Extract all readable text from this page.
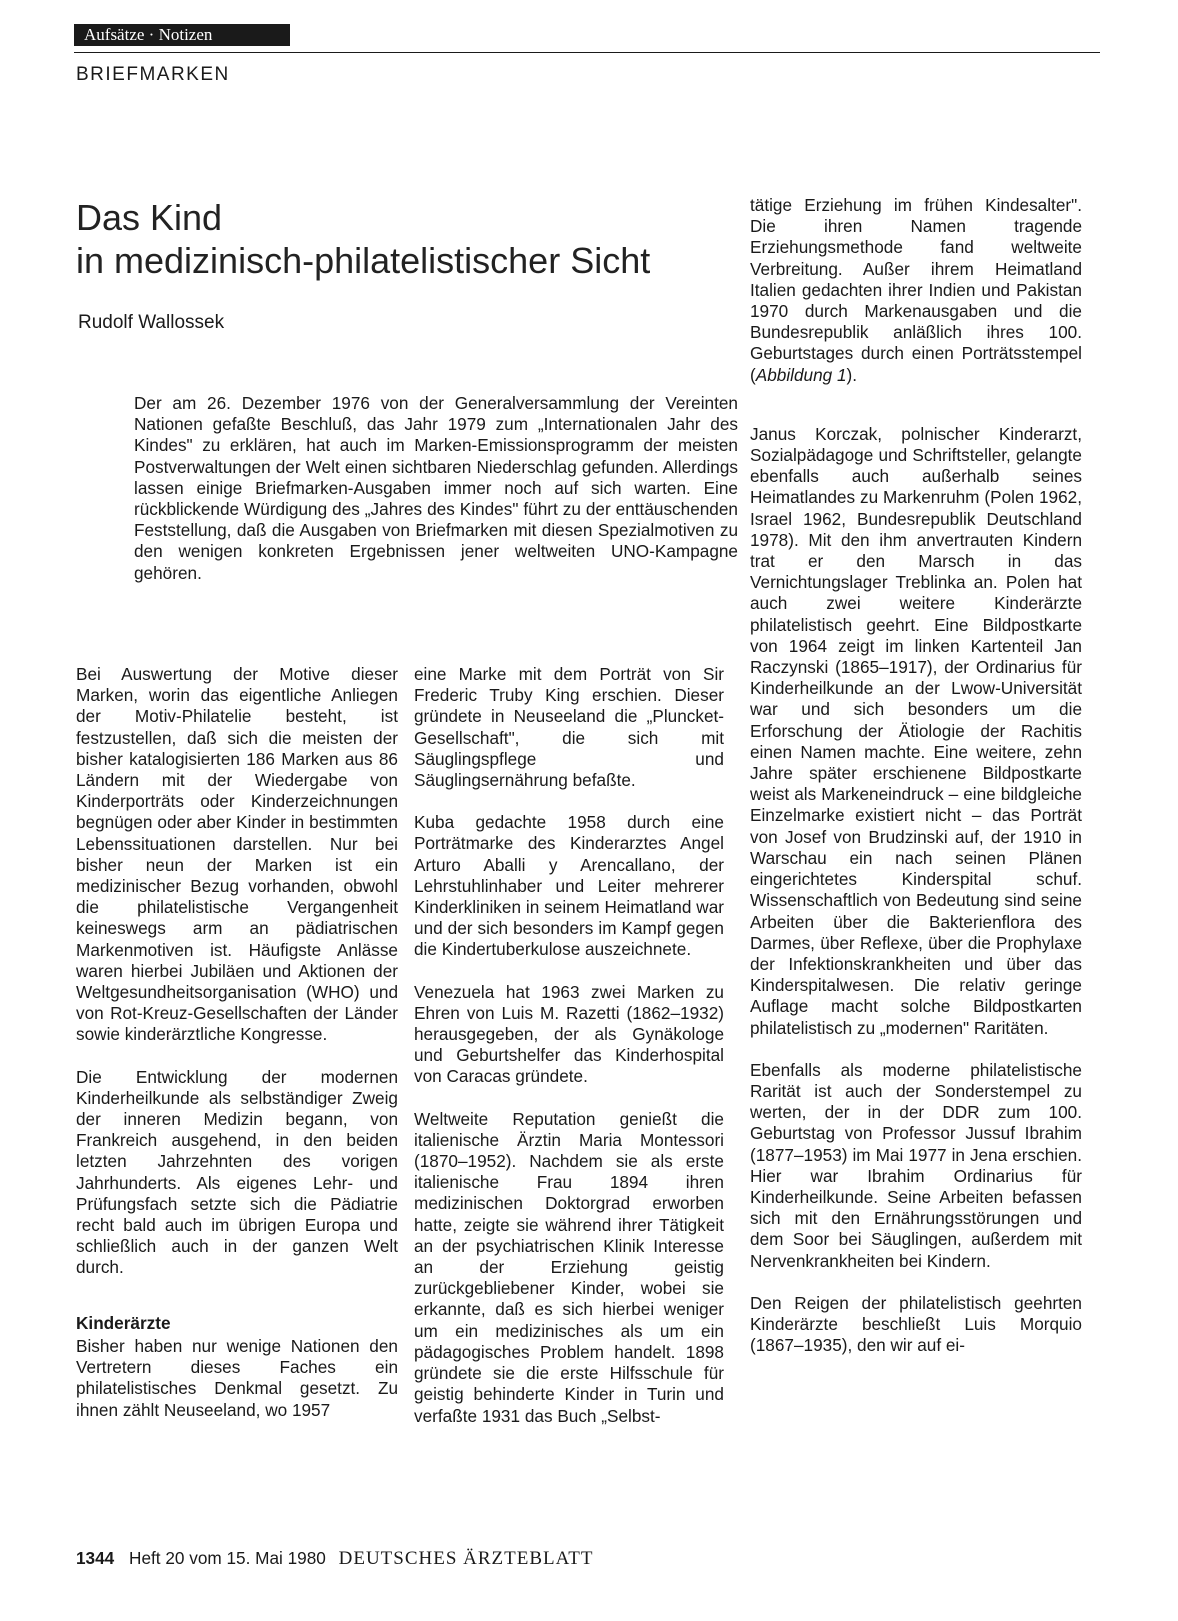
Aufsätze · Notizen
BRIEFMARKEN
Das Kind
in medizinisch-philatelistischer Sicht
Rudolf Wallossek

Der am 26. Dezember 1976 von der Generalversammlung der Vereinten Nationen gefaßte Beschluß, das Jahr 1979 zum „Internationalen Jahr des Kindes" zu erklären, hat auch im Marken-Emissionsprogramm der meisten Postverwaltungen der Welt einen sichtbaren Niederschlag gefunden. Allerdings lassen einige Briefmarken-Ausgaben immer noch auf sich warten. Eine rückblickende Würdigung des „Jahres des Kindes" führt zu der enttäuschenden Feststellung, daß die Ausgaben von Briefmarken mit diesen Spezialmotiven zu den wenigen konkreten Ergebnissen jener weltweiten UNO-Kampagne gehören.

Bei Auswertung der Motive dieser Marken, worin das eigentliche Anliegen der Motiv-Philatelie besteht, ist festzustellen, daß sich die meisten der bisher katalogisierten 186 Marken aus 86 Ländern mit der Wiedergabe von Kinderporträts oder Kinderzeichnungen begnügen oder aber Kinder in bestimmten Lebenssituationen darstellen. Nur bei bisher neun der Marken ist ein medizinischer Bezug vorhanden, obwohl die philatelistische Vergangenheit keineswegs arm an pädiatrischen Markenmotiven ist. Häufigste Anlässe waren hierbei Jubiläen und Aktionen der Weltgesundheitsorganisation (WHO) und von Rot-Kreuz-Gesellschaften der Länder sowie kinderärztliche Kongresse.

Die Entwicklung der modernen Kinderheilkunde als selbständiger Zweig der inneren Medizin begann, von Frankreich ausgehend, in den beiden letzten Jahrzehnten des vorigen Jahrhunderts. Als eigenes Lehr- und Prüfungsfach setzte sich die Pädiatrie recht bald auch im übrigen Europa und schließlich auch in der ganzen Welt durch.

Kinderärzte

Bisher haben nur wenige Nationen den Vertretern dieses Faches ein philatelistisches Denkmal gesetzt. Zu ihnen zählt Neuseeland, wo 1957

eine Marke mit dem Porträt von Sir Frederic Truby King erschien. Dieser gründete in Neuseeland die „Pluncket-Gesellschaft", die sich mit Säuglingspflege und Säuglingsernährung befaßte.

Kuba gedachte 1958 durch eine Porträtmarke des Kinderarztes Angel Arturo Aballi y Arencallano, der Lehrstuhlinhaber und Leiter mehrerer Kinderkliniken in seinem Heimatland war und der sich besonders im Kampf gegen die Kindertuberkulose auszeichnete.

Venezuela hat 1963 zwei Marken zu Ehren von Luis M. Razetti (1862–1932) herausgegeben, der als Gynäkologe und Geburtshelfer das Kinderhospital von Caracas gründete.

Weltweite Reputation genießt die italienische Ärztin Maria Montessori (1870–1952). Nachdem sie als erste italienische Frau 1894 ihren medizinischen Doktorgrad erworben hatte, zeigte sie während ihrer Tätigkeit an der psychiatrischen Klinik Interesse an der Erziehung geistig zurückgebliebener Kinder, wobei sie erkannte, daß es sich hierbei weniger um ein medizinisches als um ein pädagogisches Problem handelt. 1898 gründete sie die erste Hilfsschule für geistig behinderte Kinder in Turin und verfaßte 1931 das Buch „Selbst-

tätige Erziehung im frühen Kindesalter". Die ihren Namen tragende Erziehungsmethode fand weltweite Verbreitung. Außer ihrem Heimatland Italien gedachten ihrer Indien und Pakistan 1970 durch Markenausgaben und die Bundesrepublik anläßlich ihres 100. Geburtstages durch einen Porträtsstempel (Abbildung 1).

Janus Korczak, polnischer Kinderarzt, Sozialpädagoge und Schriftsteller, gelangte ebenfalls auch außerhalb seines Heimatlandes zu Markenruhm (Polen 1962, Israel 1962, Bundesrepublik Deutschland 1978). Mit den ihm anvertrauten Kindern trat er den Marsch in das Vernichtungslager Treblinka an. Polen hat auch zwei weitere Kinderärzte philatelistisch geehrt. Eine Bildpostkarte von 1964 zeigt im linken Kartenteil Jan Raczynski (1865–1917), der Ordinarius für Kinderheilkunde an der Lwow-Universität war und sich besonders um die Erforschung der Ätiologie der Rachitis einen Namen machte. Eine weitere, zehn Jahre später erschienene Bildpostkarte weist als Markeneindruck – eine bildgleiche Einzelmarke existiert nicht – das Porträt von Josef von Brudzinski auf, der 1910 in Warschau ein nach seinen Plänen eingerichtetes Kinderspital schuf. Wissenschaftlich von Bedeutung sind seine Arbeiten über die Bakterienflora des Darmes, über Reflexe, über die Prophylaxe der Infektionskrankheiten und über das Kinderspitalwesen. Die relativ geringe Auflage macht solche Bildpostkarten philatelistisch zu „modernen" Raritäten.

Ebenfalls als moderne philatelistische Rarität ist auch der Sonderstempel zu werten, der in der DDR zum 100. Geburtstag von Professor Jussuf Ibrahim (1877–1953) im Mai 1977 in Jena erschien. Hier war Ibrahim Ordinarius für Kinderheilkunde. Seine Arbeiten befassen sich mit den Ernährungsstörungen und dem Soor bei Säuglingen, außerdem mit Nervenkrankheiten bei Kindern.

Den Reigen der philatelistisch geehrten Kinderärzte beschließt Luis Morquio (1867–1935), den wir auf ei-

1344 Heft 20 vom 15. Mai 1980 DEUTSCHES ÄRZTEBLATT
